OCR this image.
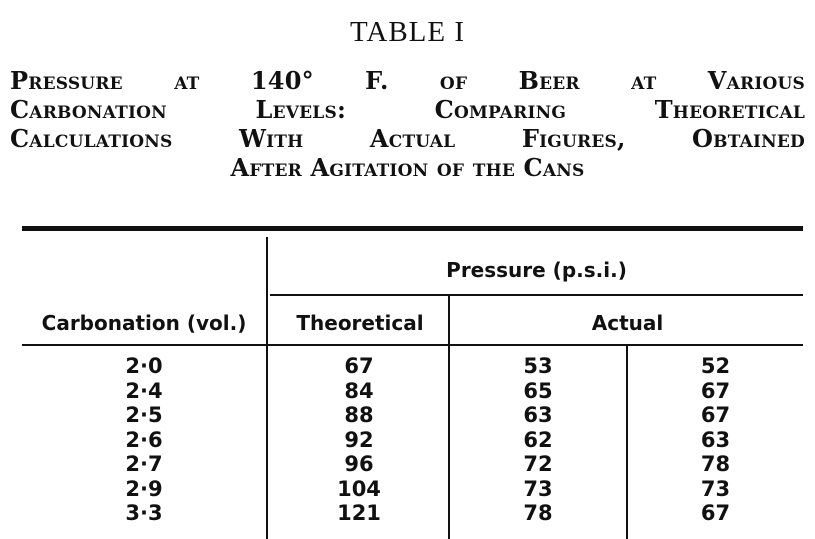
TABLE I
Pressure at 140° F. of Beer at Various
Carbonation Levels: Comparing Theoretical
Calculations With Actual Figures, Obtained
After Agitation of the Cans
Pressure (p.s.i.)
Carbonation (vol.)	Theoretical	Actual
2·0
2·4
2·5
2·6
2·7
2·9
3·3
67
84
88
92
96
104
121
53
65
63
62
72
73
78
52
67
67
63
78
73
67
